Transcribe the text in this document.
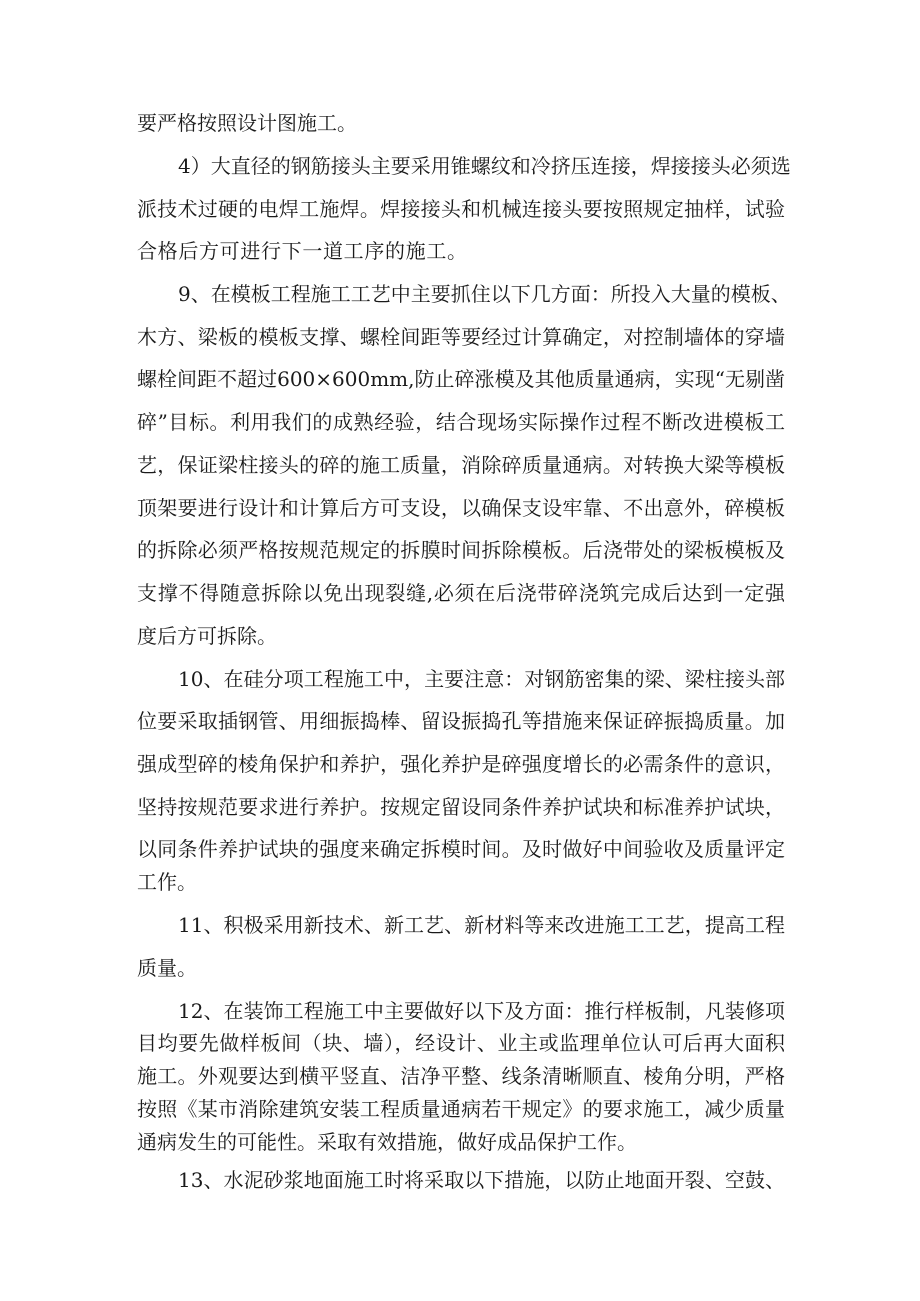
要严格按照设计图施工。
4）大直径的钢筋接头主要采用锥螺纹和冷挤压连接，焊接接头必须选
派技术过硬的电焊工施焊。焊接接头和机械连接头要按照规定抽样，试验
合格后方可进行下一道工序的施工。
9、在模板工程施工工艺中主要抓住以下几方面：所投入大量的模板、
木方、梁板的模板支撑、螺栓间距等要经过计算确定，对控制墙体的穿墙
螺栓间距不超过600×600mm,防止碎涨模及其他质量通病，实现“无剔凿
碎”目标。利用我们的成熟经验，结合现场实际操作过程不断改进模板工
艺，保证梁柱接头的碎的施工质量，消除碎质量通病。对转换大梁等模板
顶架要进行设计和计算后方可支设，以确保支设牢靠、不出意外，碎模板
的拆除必须严格按规范规定的拆膜时间拆除模板。后浇带处的梁板模板及
支撑不得随意拆除以免出现裂缝,必须在后浇带碎浇筑完成后达到一定强
度后方可拆除。
10、在硅分项工程施工中，主要注意：对钢筋密集的梁、梁柱接头部
位要采取插钢管、用细振捣棒、留设振捣孔等措施来保证碎振捣质量。加
强成型碎的棱角保护和养护，强化养护是碎强度增长的必需条件的意识，
坚持按规范要求进行养护。按规定留设同条件养护试块和标准养护试块，
以同条件养护试块的强度来确定拆模时间。及时做好中间验收及质量评定
工作。
11、积极采用新技术、新工艺、新材料等来改进施工工艺，提高工程
质量。
12、在装饰工程施工中主要做好以下及方面：推行样板制，凡装修项
目均要先做样板间（块、墙），经设计、业主或监理单位认可后再大面积
施工。外观要达到横平竖直、洁净平整、线条清晰顺直、棱角分明，严格
按照《某市消除建筑安装工程质量通病若干规定》的要求施工，减少质量
通病发生的可能性。采取有效措施，做好成品保护工作。
13、水泥砂浆地面施工时将采取以下措施，以防止地面开裂、空鼓、
